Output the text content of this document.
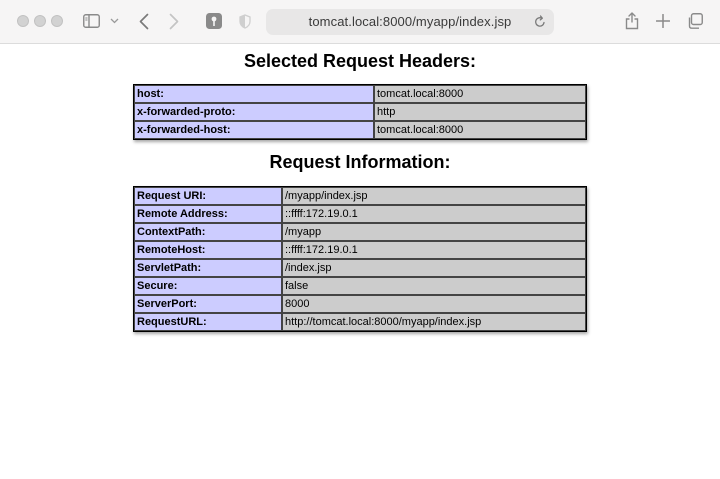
tomcat.local:8000/myapp/index.jsp
Selected Request Headers:
host:	tomcat.local:8000
x-forwarded-proto:	http
x-forwarded-host:	tomcat.local:8000
Request Information:
Request URI:	/myapp/index.jsp
Remote Address:	::ffff:172.19.0.1
ContextPath:	/myapp
RemoteHost:	::ffff:172.19.0.1
ServletPath:	/index.jsp
Secure:	false
ServerPort:	8000
RequestURL:	http://tomcat.local:8000/myapp/index.jsp
